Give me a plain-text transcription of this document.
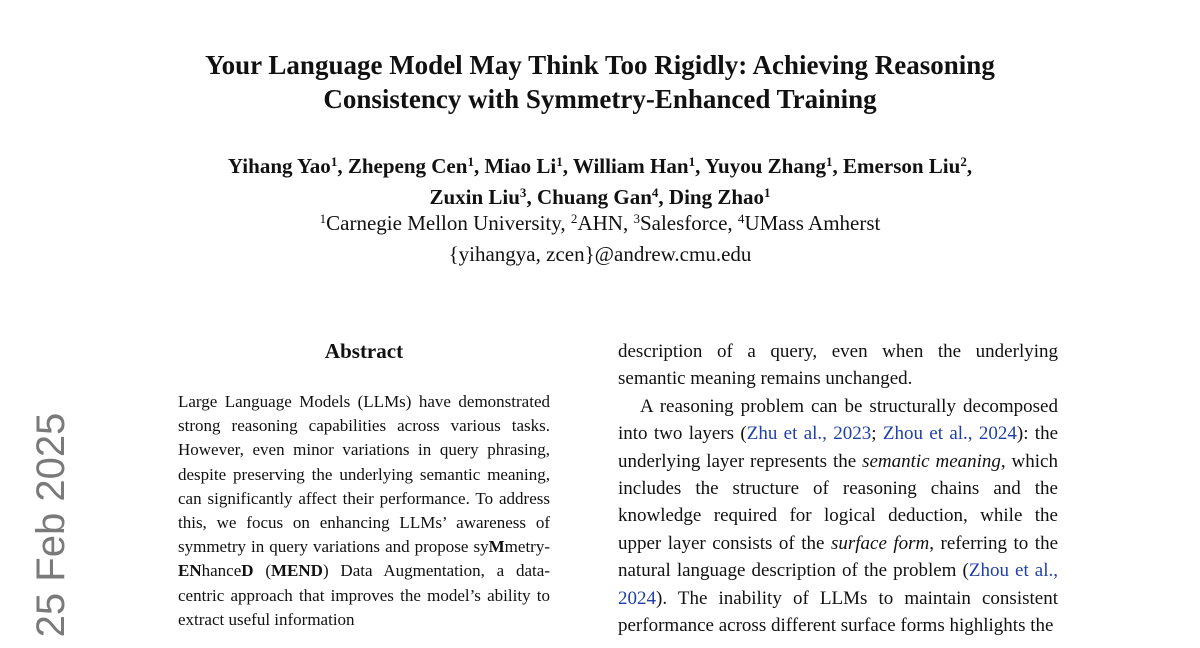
25 Feb 2025
Your Language Model May Think Too Rigidly: Achieving Reasoning
Consistency with Symmetry-Enhanced Training
Yihang Yao$^1$, Zhepeng Cen$^1$, Miao Li$^1$, William Han$^1$, Yuyou Zhang$^1$, Emerson Liu$^2$,
Zuxin Liu$^3$, Chuang Gan$^4$, Ding Zhao$^1$
$^1$Carnegie Mellon University, $^2$AHN, $^3$Salesforce, $^4$UMass Amherst
{yihangya, zcen}@andrew.cmu.edu
Abstract
Large Language Models (LLMs) have demonstrated strong reasoning capabilities across various tasks. However, even minor variations in query phrasing, despite preserving the underlying semantic meaning, can significantly affect their performance. To address this, we focus on enhancing LLMs’ awareness of symmetry in query variations and propose syMmetry-ENhanceD (MEND) Data Augmentation, a data-centric approach that improves the model’s ability to extract useful information

description of a query, even when the underlying semantic meaning remains unchanged.

A reasoning problem can be structurally decomposed into two layers (Zhu et al., 2023; Zhou et al., 2024): the underlying layer represents the semantic meaning, which includes the structure of reasoning chains and the knowledge required for logical deduction, while the upper layer consists of the surface form, referring to the natural language description of the problem (Zhou et al., 2024). The inability of LLMs to maintain consistent performance across different surface forms highlights the
